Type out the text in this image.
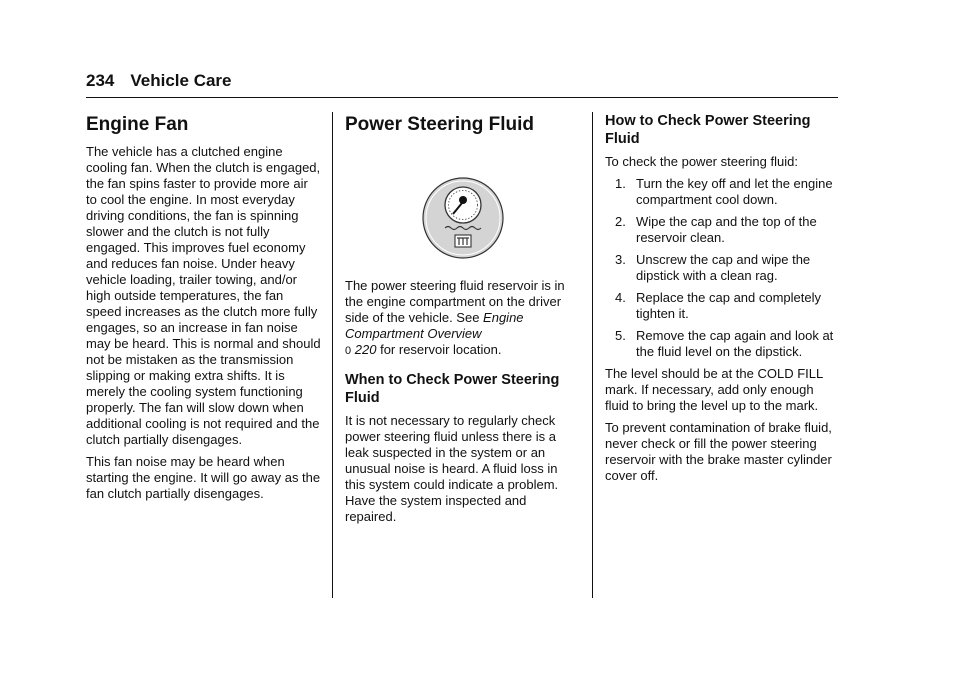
234 Vehicle Care
Engine Fan

The vehicle has a clutched engine cooling fan. When the clutch is engaged, the fan spins faster to provide more air to cool the engine. In most everyday driving conditions, the fan is spinning slower and the clutch is not fully engaged. This improves fuel economy and reduces fan noise. Under heavy vehicle loading, trailer towing, and/or high outside temperatures, the fan speed increases as the clutch more fully engages, so an increase in fan noise may be heard. This is normal and should not be mistaken as the transmission slipping or making extra shifts. It is merely the cooling system functioning properly. The fan will slow down when additional cooling is not required and the clutch partially disengages.

This fan noise may be heard when starting the engine. It will go away as the fan clutch partially disengages.

Power Steering Fluid

The power steering fluid reservoir is in the engine compartment on the driver side of the vehicle. See Engine Compartment Overview
0 220 for reservoir location.

When to Check Power Steering Fluid

It is not necessary to regularly check power steering fluid unless there is a leak suspected in the system or an unusual noise is heard. A fluid loss in this system could indicate a problem. Have the system inspected and repaired.

How to Check Power Steering Fluid

To check the power steering fluid:

1. Turn the key off and let the engine compartment cool down.
2. Wipe the cap and the top of the reservoir clean.
3. Unscrew the cap and wipe the dipstick with a clean rag.
4. Replace the cap and completely tighten it.
5. Remove the cap again and look at the fluid level on the dipstick.

The level should be at the COLD FILL mark. If necessary, add only enough fluid to bring the level up to the mark.

To prevent contamination of brake fluid, never check or fill the power steering reservoir with the brake master cylinder cover off.
